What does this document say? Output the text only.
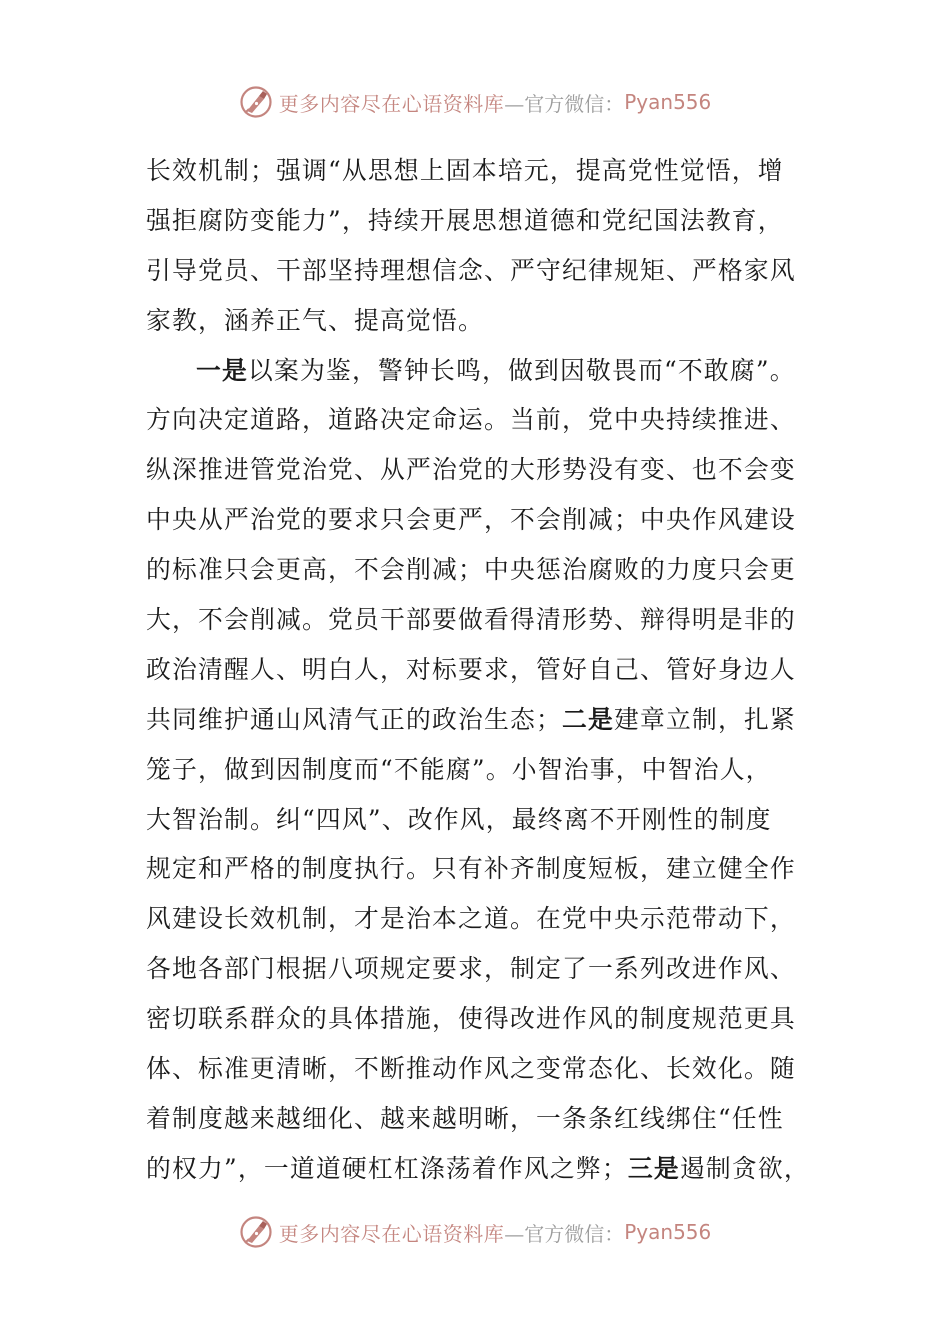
更多内容尽在心语资料库 —官方微信： Pyan556
长效机制；强调“从思想上固本培元，提高党性觉悟，增
强拒腐防变能力”，持续开展思想道德和党纪国法教育，
引导党员、干部坚持理想信念、严守纪律规矩、严格家风
家教，涵养正气、提高觉悟。
一是以案为鉴，警钟长鸣，做到因敬畏而“不敢腐”。
方向决定道路，道路决定命运。当前，党中央持续推进、
纵深推进管党治党、从严治党的大形势没有变、也不会变
中央从严治党的要求只会更严，不会削减；中央作风建设
的标准只会更高，不会削减；中央惩治腐败的力度只会更
大，不会削减。党员干部要做看得清形势、辩得明是非的
政治清醒人、明白人，对标要求，管好自己、管好身边人
共同维护通山风清气正的政治生态；二是建章立制，扎紧
笼子，做到因制度而“不能腐”。小智治事，中智治人，
大智治制。纠“四风”、改作风，最终离不开刚性的制度
规定和严格的制度执行。只有补齐制度短板，建立健全作
风建设长效机制，才是治本之道。在党中央示范带动下，
各地各部门根据八项规定要求，制定了一系列改进作风、
密切联系群众的具体措施，使得改进作风的制度规范更具
体、标准更清晰，不断推动作风之变常态化、长效化。随
着制度越来越细化、越来越明晰，一条条红线绑住“任性
的权力”，一道道硬杠杠涤荡着作风之弊；三是遏制贪欲，
更多内容尽在心语资料库 —官方微信： Pyan556
